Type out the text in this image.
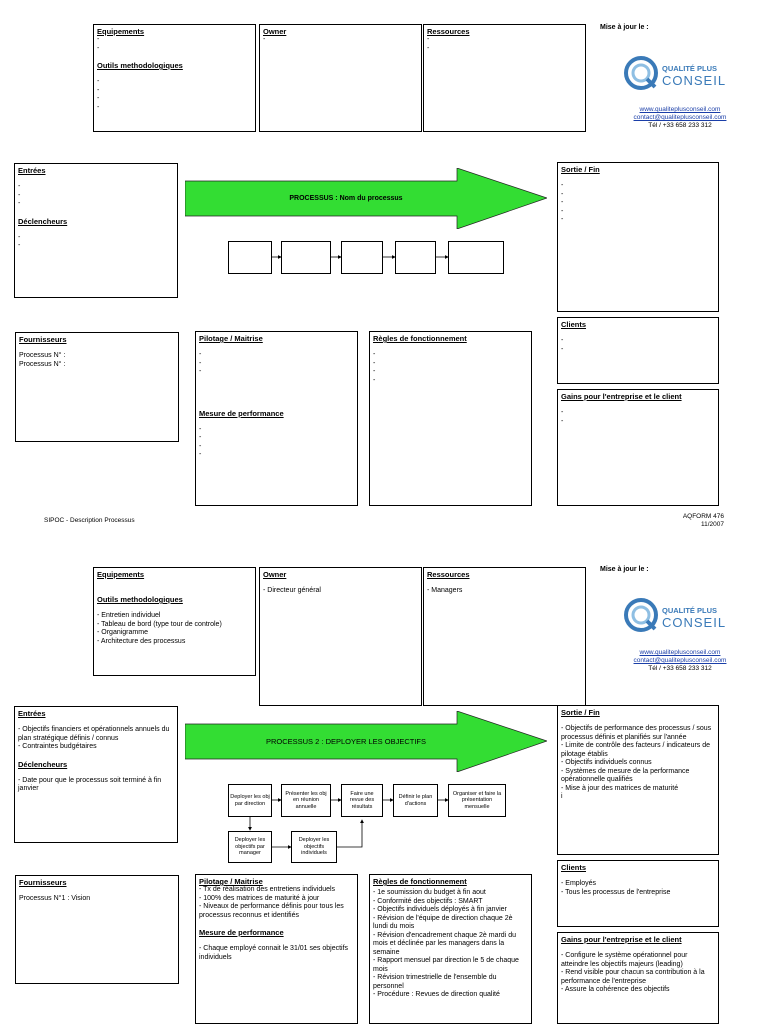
Equipements
-
-
Outils methodologiques
-
-
-
-
Owner
-
Ressources
-
-
Mise à jour le :
QUALITÉ PLUS
CONSEIL
www.qualiteplusconseil.com
contact@qualiteplusconseil.com
Tél / +33 658 233 312
Entrées
-
-
-
Déclencheurs
-
-
PROCESSUS : Nom du processus
Sortie / Fin
-
-
-
-
-
Fournisseurs
Processus N° :
Processus N° :
Pilotage / Maitrise
-
-
-
Mesure de performance
-
-
-
-
Règles de fonctionnement
-
-
-
-
Clients
-
-
Gains pour l'entreprise et le client
-
-
SIPOC - Description Processus
AQFORM 476
11/2007
Equipements
Outils methodologiques
- Entretien individuel
- Tableau de bord (type tour de controle)
- Organigramme
- Architecture des processus
Owner
- Directeur général
Ressources
- Managers
Mise à jour le :
QUALITÉ PLUS
CONSEIL
www.qualiteplusconseil.com
contact@qualiteplusconseil.com
Tél / +33 658 233 312
Entrées
- Objectifs financiers et opérationnels annuels du plan stratégique définis / connus
- Contraintes budgétaires
Déclencheurs
- Date pour que le processus soit terminé à fin janvier
PROCESSUS 2 : DEPLOYER LES OBJECTIFS
Deployer les obj par direction
Présenter les obj en réunion annuelle
Faire une revue des résultats
Définir le plan d'actions
Organiser et faire la présentation mensuelle
Deployer les objectifs par manager
Deployer les objectifs individuels
Sortie / Fin
- Objectifs de performance des processus / sous processus définis et planifiés sur l'année
- Limite de contrôle des facteurs / indicateurs de pilotage établis
- Objectifs individuels connus
- Systèmes de mesure de la performance opérationnelle qualifiés
- Mise à jour des matrices de maturité
i
Fournisseurs
Processus N°1 : Vision
Pilotage / Maitrise
- Tx de réalisation des entretiens individuels
- 100% des matrices de maturité à jour
- Niveaux de performance définis pour tous les processus reconnus et identifiés
Mesure de performance
- Chaque employé connait le 31/01 ses objectifs individuels
Règles de fonctionnement
- 1e soumission du budget à fin aout
- Conformité des objectifs : SMART
- Objectifs individuels déployés à fin janvier
- Révision de l'équipe de direction chaque 2è lundi du mois
- Révision d'encadrement chaque 2è mardi du mois et déclinée par les managers dans la semaine
- Rapport mensuel par direction le 5 de chaque mois
- Révision trimestrielle de l'ensemble du personnel
- Procédure : Revues de direction qualité
Clients
- Employés
- Tous les processus de l'entreprise
Gains pour l'entreprise et le client
- Configure le système opérationnel pour atteindre les objectifs majeurs (leading)
- Rend visible pour chacun sa contribution à la performance de l'entreprise
- Assure la cohérence des objectifs
